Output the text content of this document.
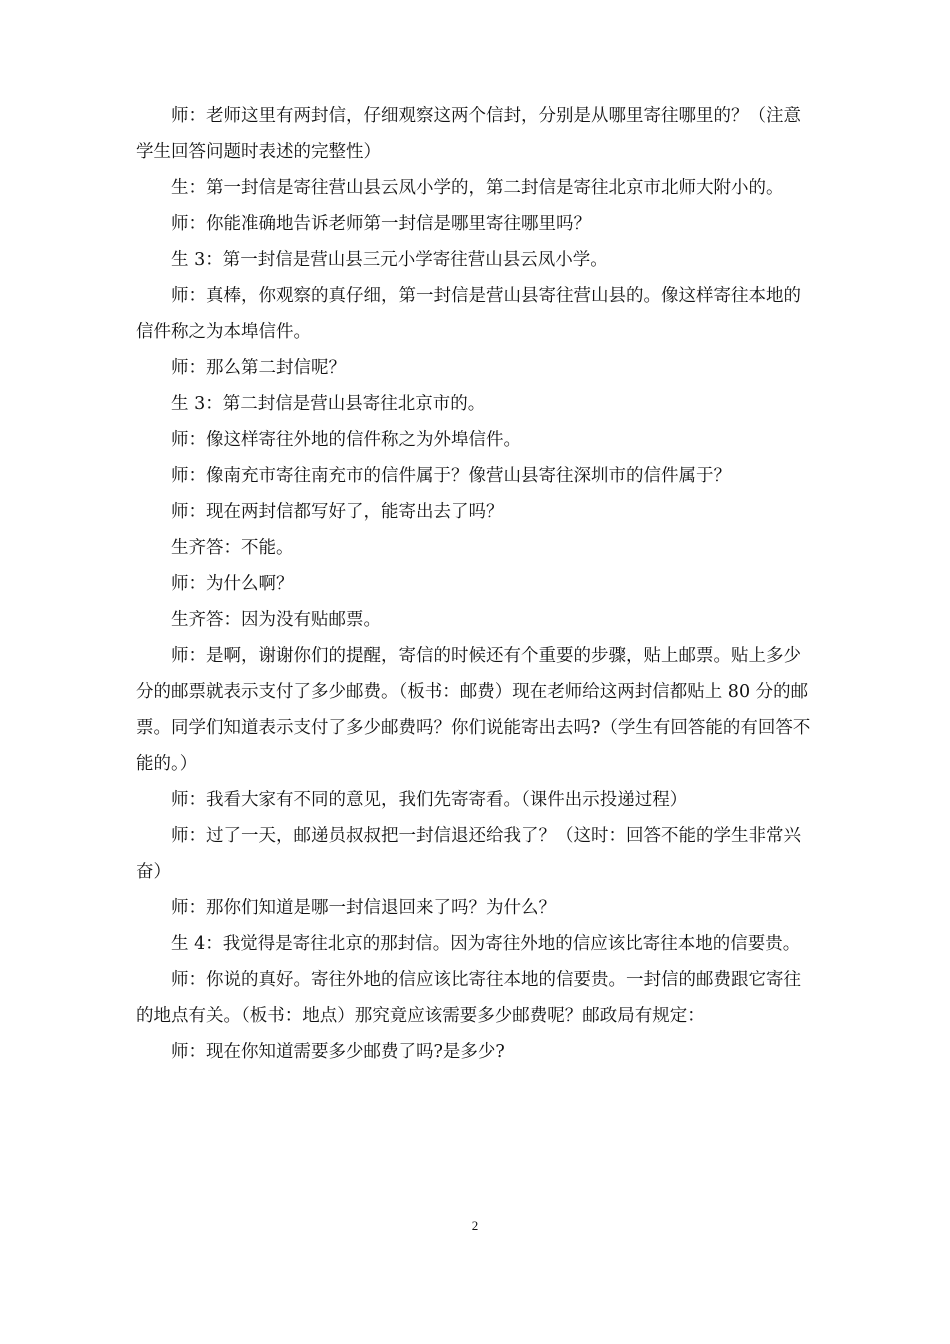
师：老师这里有两封信，仔细观察这两个信封，分别是从哪里寄往哪里的？（注意学生回答问题时表述的完整性）

生：第一封信是寄往营山县云凤小学的，第二封信是寄往北京市北师大附小的。

师：你能准确地告诉老师第一封信是哪里寄往哪里吗？

生 3：第一封信是营山县三元小学寄往营山县云凤小学。

师：真棒，你观察的真仔细，第一封信是营山县寄往营山县的。像这样寄往本地的信件称之为本埠信件。

师：那么第二封信呢？

生 3：第二封信是营山县寄往北京市的。

师：像这样寄往外地的信件称之为外埠信件。

师：像南充市寄往南充市的信件属于？像营山县寄往深圳市的信件属于？

师：现在两封信都写好了，能寄出去了吗？

生齐答：不能。

师：为什么啊？

生齐答：因为没有贴邮票。

师：是啊，谢谢你们的提醒，寄信的时候还有个重要的步骤，贴上邮票。贴上多少分的邮票就表示支付了多少邮费。（板书：邮费）现在老师给这两封信都贴上 80 分的邮票。同学们知道表示支付了多少邮费吗？你们说能寄出去吗?（学生有回答能的有回答不能的。）

师：我看大家有不同的意见，我们先寄寄看。（课件出示投递过程）

师：过了一天，邮递员叔叔把一封信退还给我了？（这时：回答不能的学生非常兴奋）

师：那你们知道是哪一封信退回来了吗？为什么？

生 4：我觉得是寄往北京的那封信。因为寄往外地的信应该比寄往本地的信要贵。

师：你说的真好。寄往外地的信应该比寄往本地的信要贵。一封信的邮费跟它寄往的地点有关。（板书：地点）那究竟应该需要多少邮费呢？邮政局有规定：

师：现在你知道需要多少邮费了吗?是多少?

2
